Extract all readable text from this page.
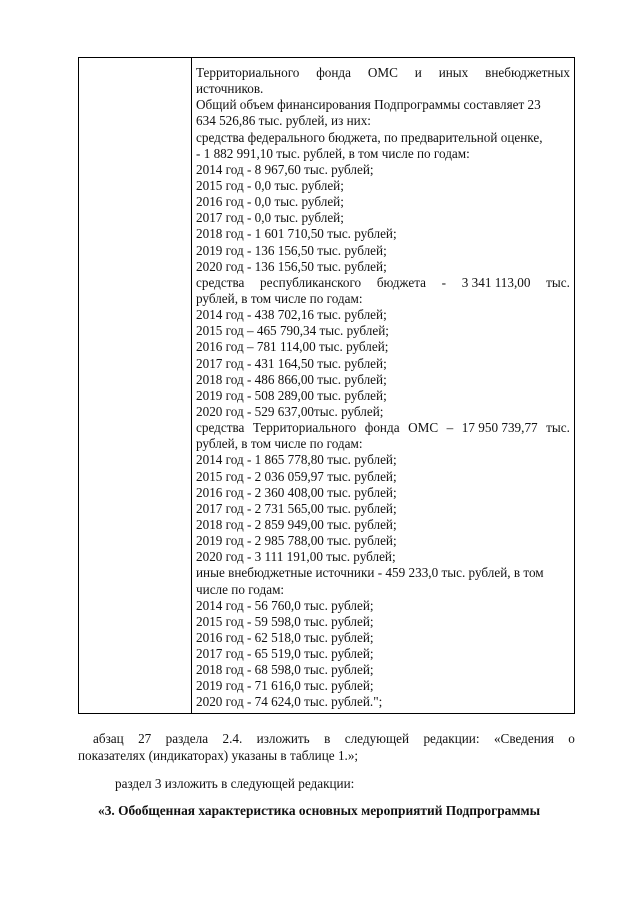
Территориального фонда ОМС и иных внебюджетных
источников.
Общий объем финансирования Подпрограммы составляет 23
634 526,86 тыс. рублей, из них:
средства федерального бюджета, по предварительной оценке,
- 1 882 991,10 тыс. рублей, в том числе по годам:
2014 год - 8 967,60 тыс. рублей;
2015 год - 0,0 тыс. рублей;
2016 год - 0,0 тыс. рублей;
2017 год - 0,0 тыс. рублей;
2018 год - 1 601 710,50 тыс. рублей;
2019 год - 136 156,50 тыс. рублей;
2020 год - 136 156,50 тыс. рублей;
средства республиканского бюджета - 3 341 113,00 тыс.
рублей, в том числе по годам:
2014 год - 438 702,16 тыс. рублей;
2015 год – 465 790,34 тыс. рублей;
2016 год – 781 114,00 тыс. рублей;
2017 год - 431 164,50 тыс. рублей;
2018 год - 486 866,00 тыс. рублей;
2019 год - 508 289,00 тыс. рублей;
2020 год - 529 637,00тыс. рублей;
средства Территориального фонда ОМС – 17 950 739,77 тыс.
рублей, в том числе по годам:
2014 год - 1 865 778,80 тыс. рублей;
2015 год - 2 036 059,97 тыс. рублей;
2016 год - 2 360 408,00 тыс. рублей;
2017 год - 2 731 565,00 тыс. рублей;
2018 год - 2 859 949,00 тыс. рублей;
2019 год - 2 985 788,00 тыс. рублей;
2020 год - 3 111 191,00 тыс. рублей;
иные внебюджетные источники - 459 233,0 тыс. рублей, в том
числе по годам:
2014 год - 56 760,0 тыс. рублей;
2015 год - 59 598,0 тыс. рублей;
2016 год - 62 518,0 тыс. рублей;
2017 год - 65 519,0 тыс. рублей;
2018 год - 68 598,0 тыс. рублей;
2019 год - 71 616,0 тыс. рублей;
2020 год - 74 624,0 тыс. рублей.";
абзац 27 раздела 2.4. изложить в следующей редакции: «Сведения о
показателях (индикаторах) указаны в таблице 1.»;
раздел 3 изложить в следующей редакции:
«3. Обобщенная характеристика основных мероприятий Подпрограммы
